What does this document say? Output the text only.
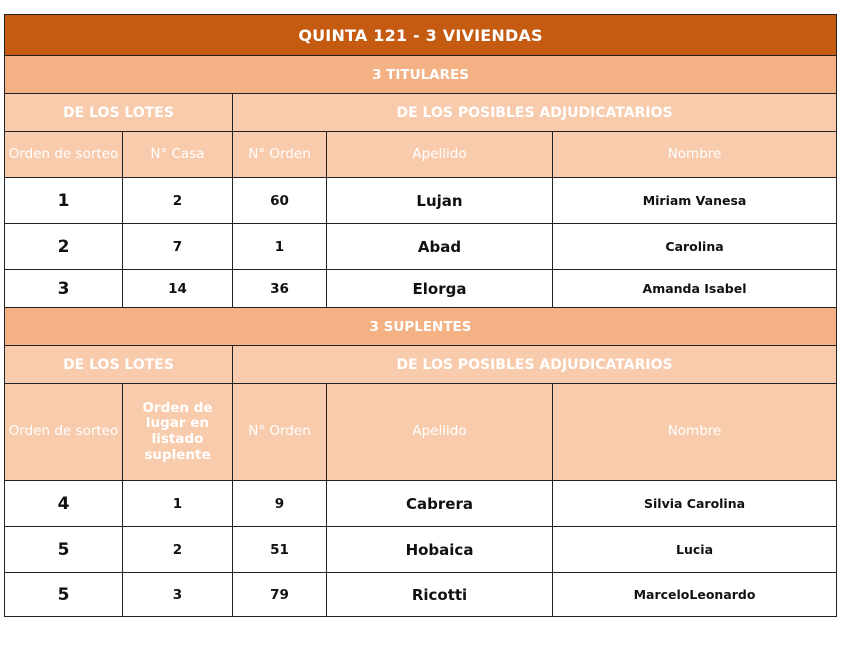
QUINTA 121 - 3 VIVIENDAS				
3 TITULARES				
DE LOS LOTES		DE LOS POSIBLES ADJUDICATARIOS		
Orden de sorteo	N° Casa	N° Orden	Apellido	Nombre
1	2	60	Lujan	Miriam Vanesa
2	7	1	Abad	Carolina
3	14	36	Elorga	Amanda Isabel
3 SUPLENTES				
DE LOS LOTES		DE LOS POSIBLES ADJUDICATARIOS		
Orden de sorteo	Orden de lugar en listado suplente	N° Orden	Apellido	Nombre
4	1	9	Cabrera	Silvia Carolina
5	2	51	Hobaica	Lucia
5	3	79	Ricotti	MarceloLeonardo
